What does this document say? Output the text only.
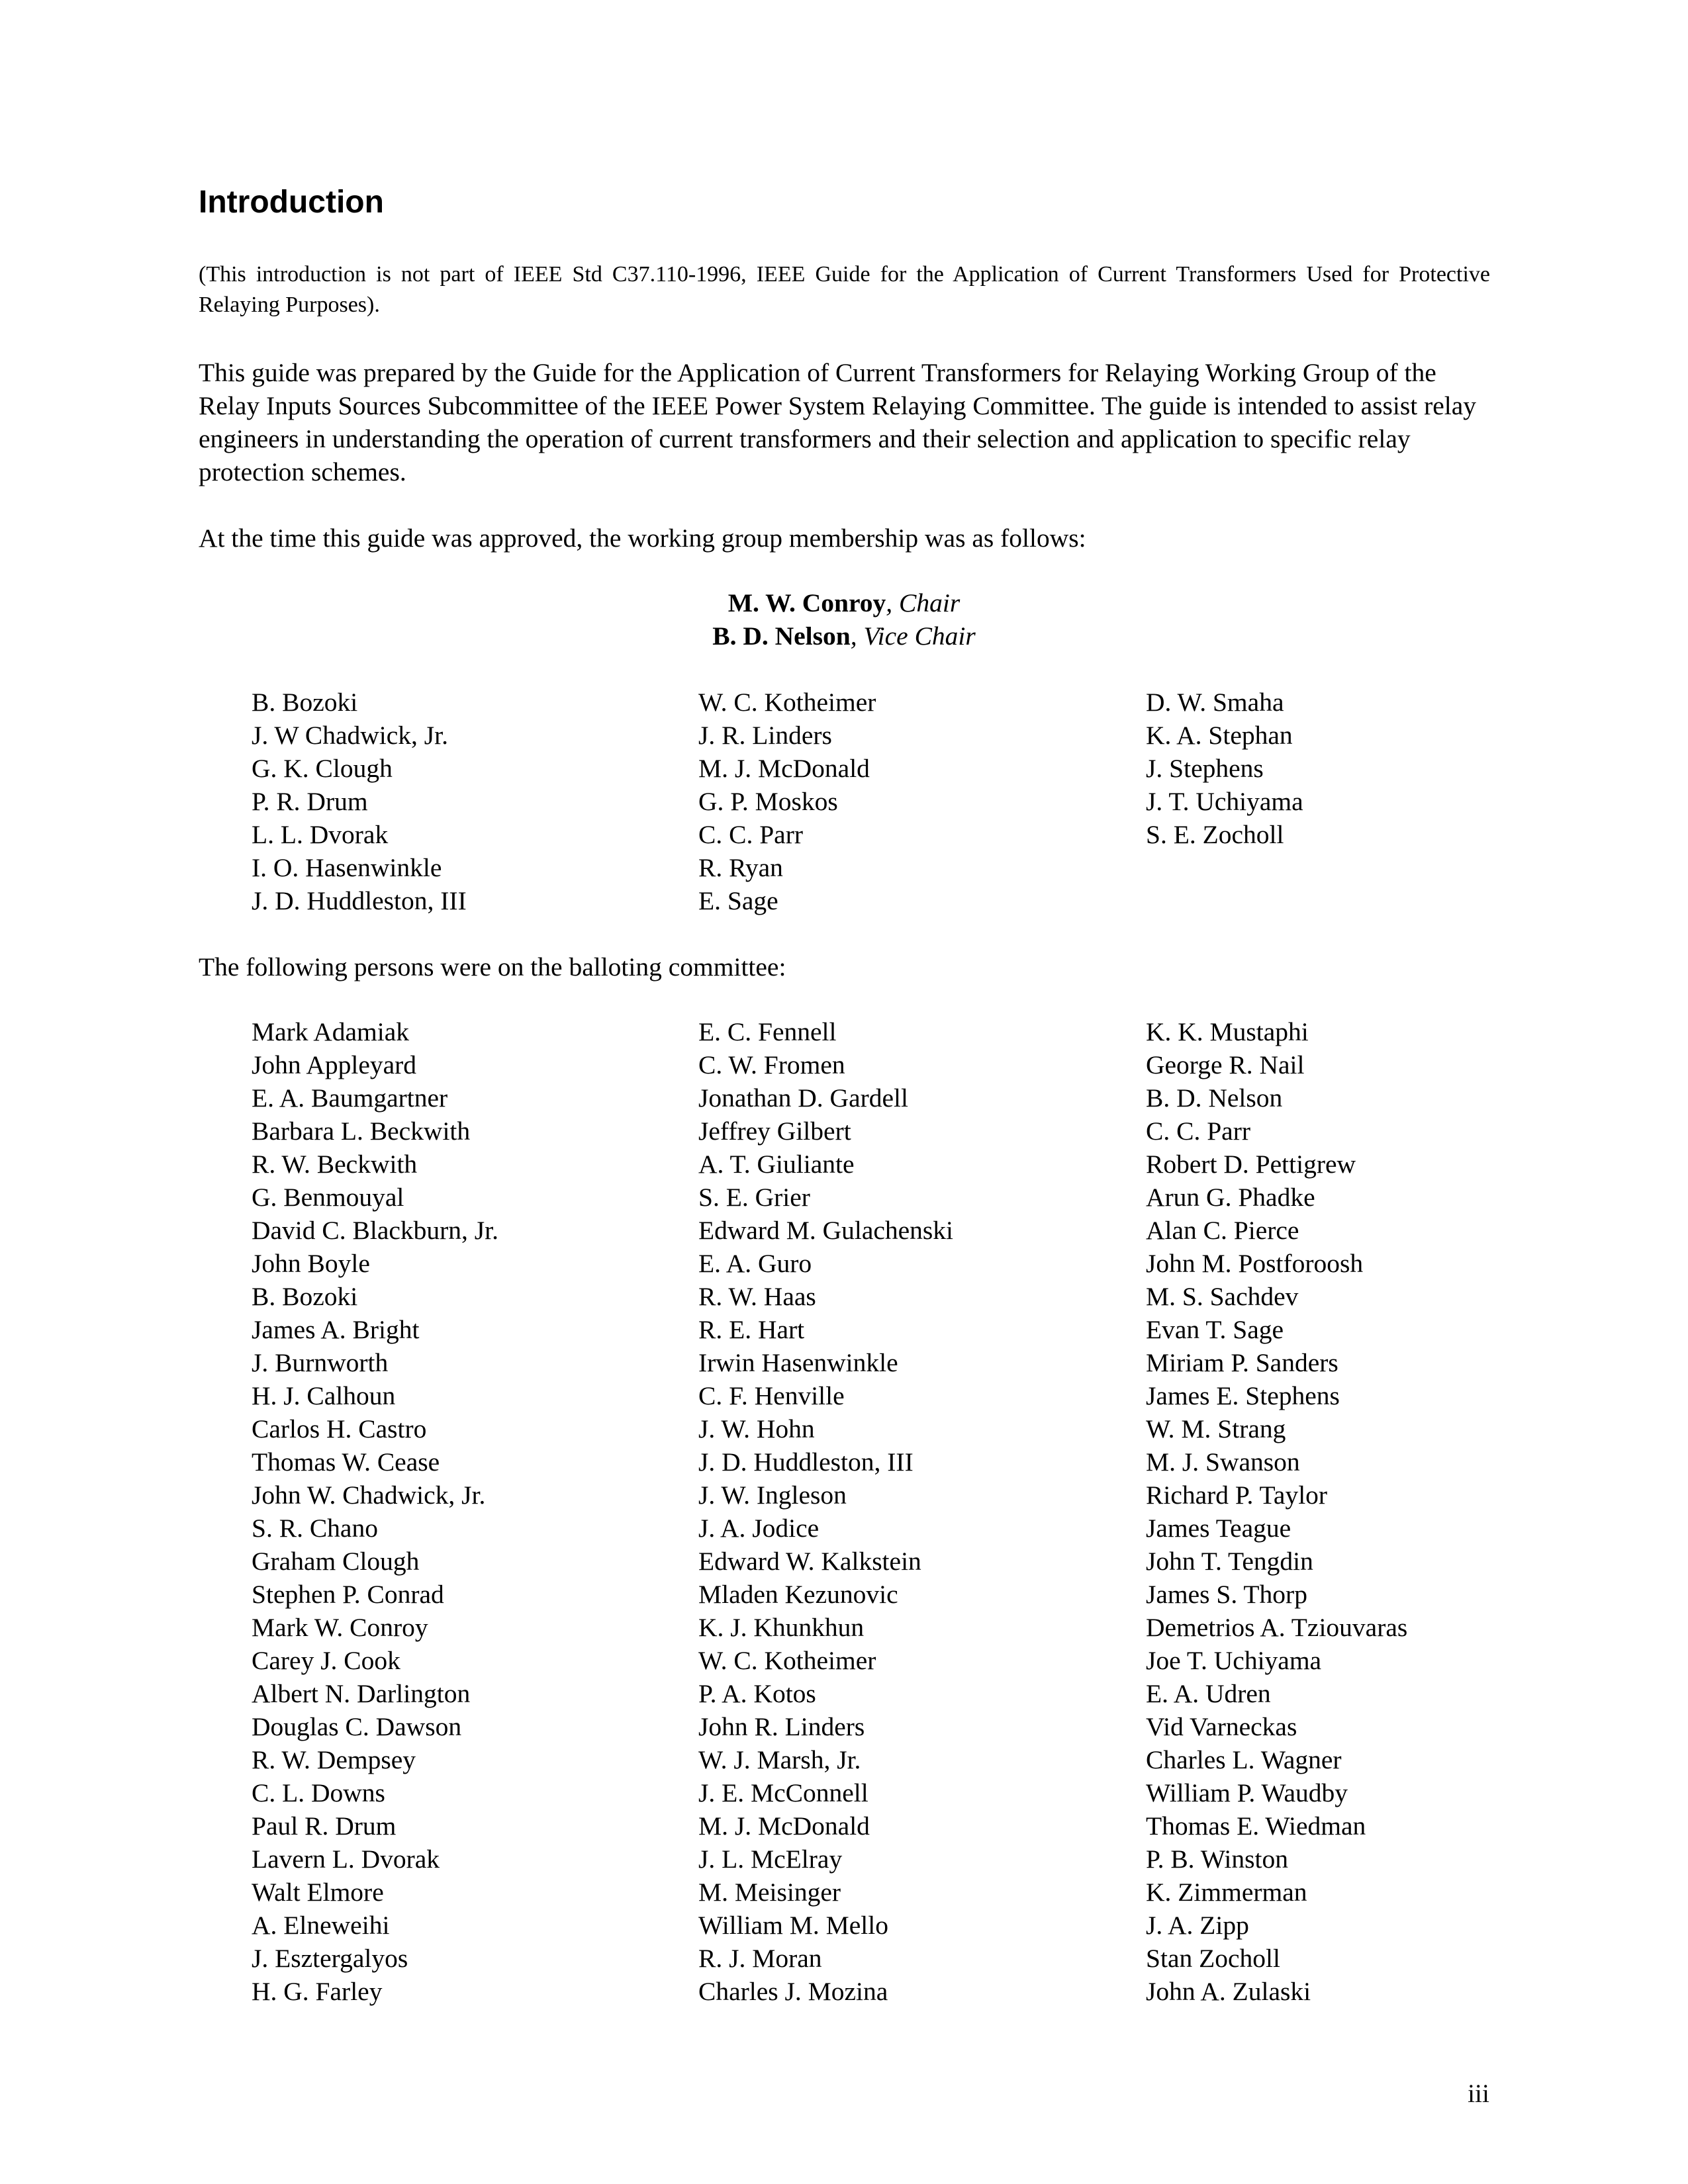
Introduction

(This introduction is not part of IEEE Std C37.110-1996, IEEE Guide for the Application of Current Transformers Used for Protective Relaying Purposes).

This guide was prepared by the Guide for the Application of Current Transformers for Relaying Working Group of the Relay Inputs Sources Subcommittee of the IEEE Power System Relaying Committee. The guide is intended to assist relay engineers in understanding the operation of current transformers and their selection and application to specific relay protection schemes.

At the time this guide was approved, the working group membership was as follows:

M. W. Conroy, Chair
B. D. Nelson, Vice Chair
B. Bozoki
J. W Chadwick, Jr.
G. K. Clough
P. R. Drum
L. L. Dvorak
I. O. Hasenwinkle
J. D. Huddleston, III
W. C. Kotheimer
J. R. Linders
M. J. McDonald
G. P. Moskos
C. C. Parr
R. Ryan
E. Sage
D. W. Smaha
K. A. Stephan
J. Stephens
J. T. Uchiyama
S. E. Zocholl

The following persons were on the balloting committee:

Mark Adamiak
John Appleyard
E. A. Baumgartner
Barbara L. Beckwith
R. W. Beckwith
G. Benmouyal
David C. Blackburn, Jr.
John Boyle
B. Bozoki
James A. Bright
J. Burnworth
H. J. Calhoun
Carlos H. Castro
Thomas W. Cease
John W. Chadwick, Jr.
S. R. Chano
Graham Clough
Stephen P. Conrad
Mark W. Conroy
Carey J. Cook
Albert N. Darlington
Douglas C. Dawson
R. W. Dempsey
C. L. Downs
Paul R. Drum
Lavern L. Dvorak
Walt Elmore
A. Elneweihi
J. Esztergalyos
H. G. Farley
E. C. Fennell
C. W. Fromen
Jonathan D. Gardell
Jeffrey Gilbert
A. T. Giuliante
S. E. Grier
Edward M. Gulachenski
E. A. Guro
R. W. Haas
R. E. Hart
Irwin Hasenwinkle
C. F. Henville
J. W. Hohn
J. D. Huddleston, III
J. W. Ingleson
J. A. Jodice
Edward W. Kalkstein
Mladen Kezunovic
K. J. Khunkhun
W. C. Kotheimer
P. A. Kotos
John R. Linders
W. J. Marsh, Jr.
J. E. McConnell
M. J. McDonald
J. L. McElray
M. Meisinger
William M. Mello
R. J. Moran
Charles J. Mozina
K. K. Mustaphi
George R. Nail
B. D. Nelson
C. C. Parr
Robert D. Pettigrew
Arun G. Phadke
Alan C. Pierce
John M. Postforoosh
M. S. Sachdev
Evan T. Sage
Miriam P. Sanders
James E. Stephens
W. M. Strang
M. J. Swanson
Richard P. Taylor
James Teague
John T. Tengdin
James S. Thorp
Demetrios A. Tziouvaras
Joe T. Uchiyama
E. A. Udren
Vid Varneckas
Charles L. Wagner
William P. Waudby
Thomas E. Wiedman
P. B. Winston
K. Zimmerman
J. A. Zipp
Stan Zocholl
John A. Zulaski

iii
